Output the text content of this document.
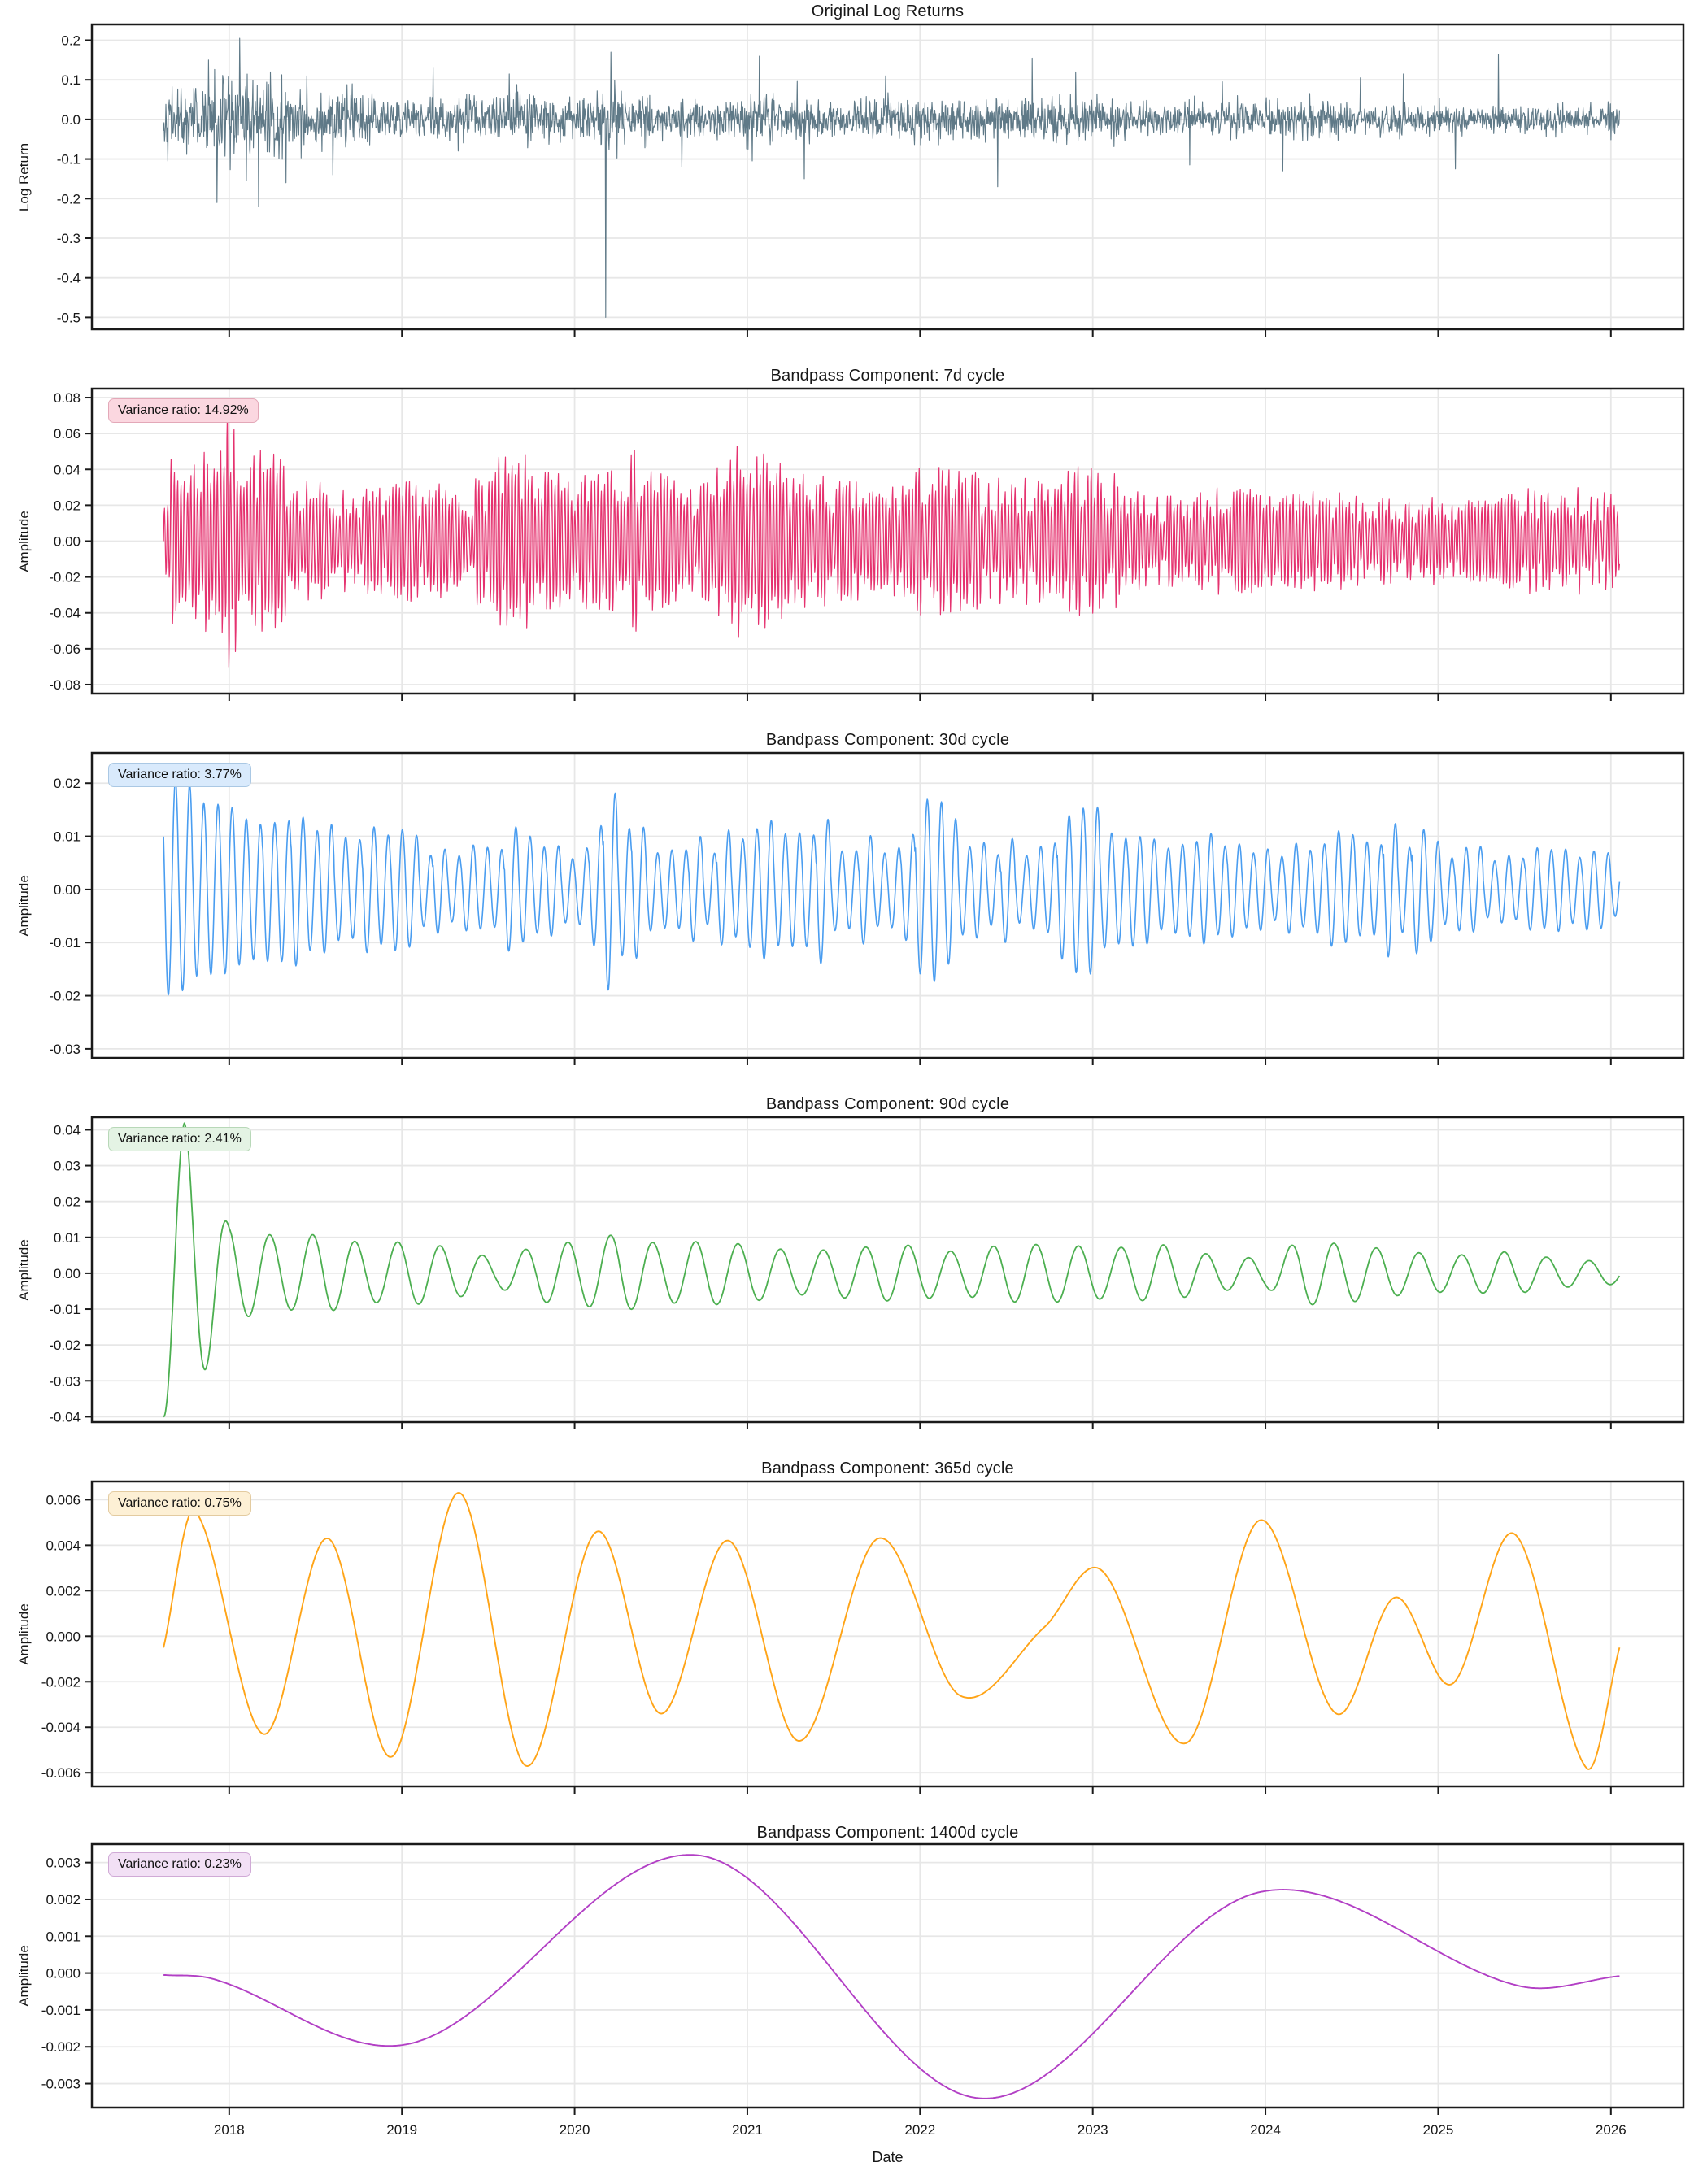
Original Log Returns
Log Return
0.2
0.1
0.0
-0.1
-0.2
-0.3
-0.4
-0.5
Bandpass Component: 7d cycle
Amplitude
0.08
0.06
0.04
0.02
0.00
-0.02
-0.04
-0.06
-0.08
Variance ratio: 14.92%
Bandpass Component: 30d cycle
Amplitude
0.02
0.01
0.00
-0.01
-0.02
-0.03
Variance ratio: 3.77%
Bandpass Component: 90d cycle
Amplitude
0.04
0.03
0.02
0.01
0.00
-0.01
-0.02
-0.03
-0.04
Variance ratio: 2.41%
Bandpass Component: 365d cycle
Amplitude
0.006
0.004
0.002
0.000
-0.002
-0.004
-0.006
Variance ratio: 0.75%
Bandpass Component: 1400d cycle
Amplitude
0.003
0.002
0.001
0.000
-0.001
-0.002
-0.003
2018	2019	2020	2021	2022	2023	2024	2025	2026
Variance ratio: 0.23%
Date
